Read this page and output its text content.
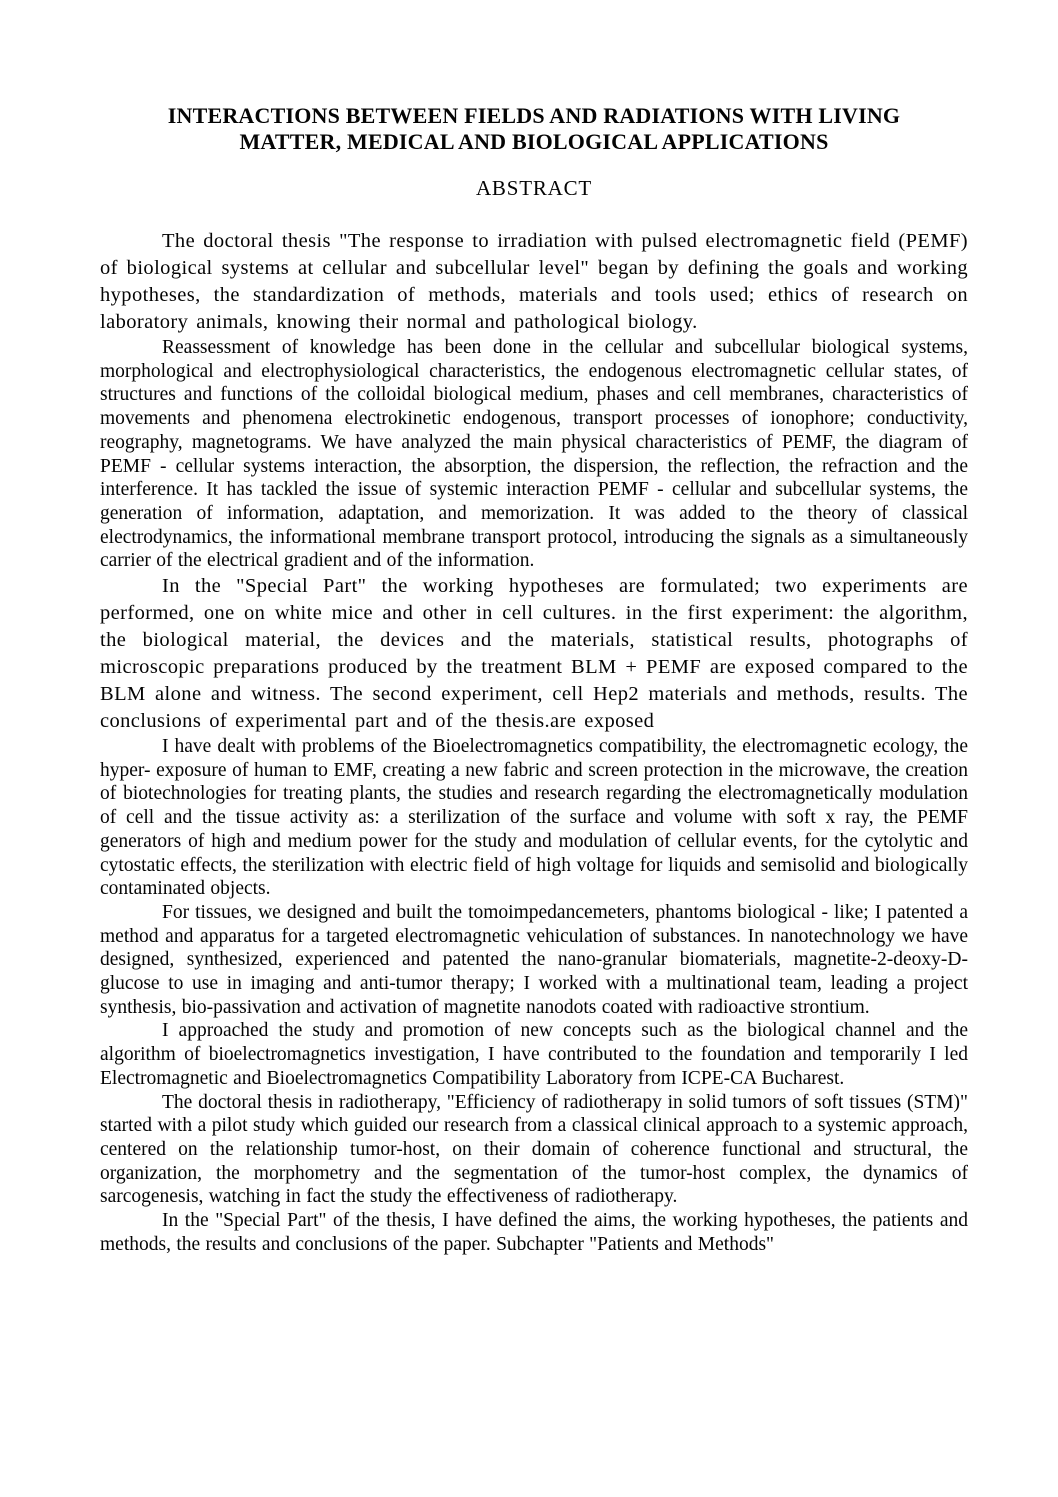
INTERACTIONS BETWEEN FIELDS AND RADIATIONS WITH LIVING
MATTER, MEDICAL AND BIOLOGICAL APPLICATIONS
ABSTRACT

The doctoral thesis "The response to irradiation with pulsed electromagnetic field (PEMF) of biological systems at cellular and subcellular level" began by defining the goals and working hypotheses, the standardization of methods, materials and tools used; ethics of research on laboratory animals, knowing their normal and pathological biology.

Reassessment of knowledge has been done in the cellular and subcellular biological systems, morphological and electrophysiological characteristics, the endogenous electromagnetic cellular states, of structures and functions of the colloidal biological medium, phases and cell membranes, characteristics of movements and phenomena electrokinetic endogenous, transport processes of ionophore; conductivity, reography, magnetograms. We have analyzed the main physical characteristics of PEMF, the diagram of PEMF - cellular systems interaction, the absorption, the dispersion, the reflection, the refraction and the interference. It has tackled the issue of systemic interaction PEMF - cellular and subcellular systems, the generation of information, adaptation, and memorization. It was added to the theory of classical electrodynamics, the informational membrane transport protocol, introducing the signals as a simultaneously carrier of the electrical gradient and of the information.

In the "Special Part" the working hypotheses are formulated; two experiments are performed, one on white mice and other in cell cultures. in the first experiment: the algorithm, the biological material, the devices and the materials, statistical results, photographs of microscopic preparations produced by the treatment BLM + PEMF are exposed compared to the BLM alone and witness. The second experiment, cell Hep2 materials and methods, results. The conclusions of experimental part and of the thesis.are exposed

I have dealt with problems of the Bioelectromagnetics compatibility, the electromagnetic ecology, the hyper- exposure of human to EMF, creating a new fabric and screen protection in the microwave, the creation of biotechnologies for treating plants, the studies and research regarding the electromagnetically modulation of cell and the tissue activity as: a sterilization of the surface and volume with soft x ray, the PEMF generators of high and medium power for the study and modulation of cellular events, for the cytolytic and cytostatic effects, the sterilization with electric field of high voltage for liquids and semisolid and biologically contaminated objects.

For tissues, we designed and built the tomoimpedancemeters, phantoms biological - like; I patented a method and apparatus for a targeted electromagnetic vehiculation of substances. In nanotechnology we have designed, synthesized, experienced and patented the nano-granular biomaterials, magnetite-2-deoxy-D-glucose to use in imaging and anti-tumor therapy; I worked with a multinational team, leading a project synthesis, bio-passivation and activation of magnetite nanodots coated with radioactive strontium.

I approached the study and promotion of new concepts such as the biological channel and the algorithm of bioelectromagnetics investigation, I have contributed to the foundation and temporarily I led Electromagnetic and Bioelectromagnetics Compatibility Laboratory from ICPE-CA Bucharest.

The doctoral thesis in radiotherapy, "Efficiency of radiotherapy in solid tumors of soft tissues (STM)" started with a pilot study which guided our research from a classical clinical approach to a systemic approach, centered on the relationship tumor-host, on their domain of coherence functional and structural, the organization, the morphometry and the segmentation of the tumor-host complex, the dynamics of sarcogenesis, watching in fact the study the effectiveness of radiotherapy.

In the "Special Part" of the thesis, I have defined the aims, the working hypotheses, the patients and methods, the results and conclusions of the paper. Subchapter "Patients and Methods"
